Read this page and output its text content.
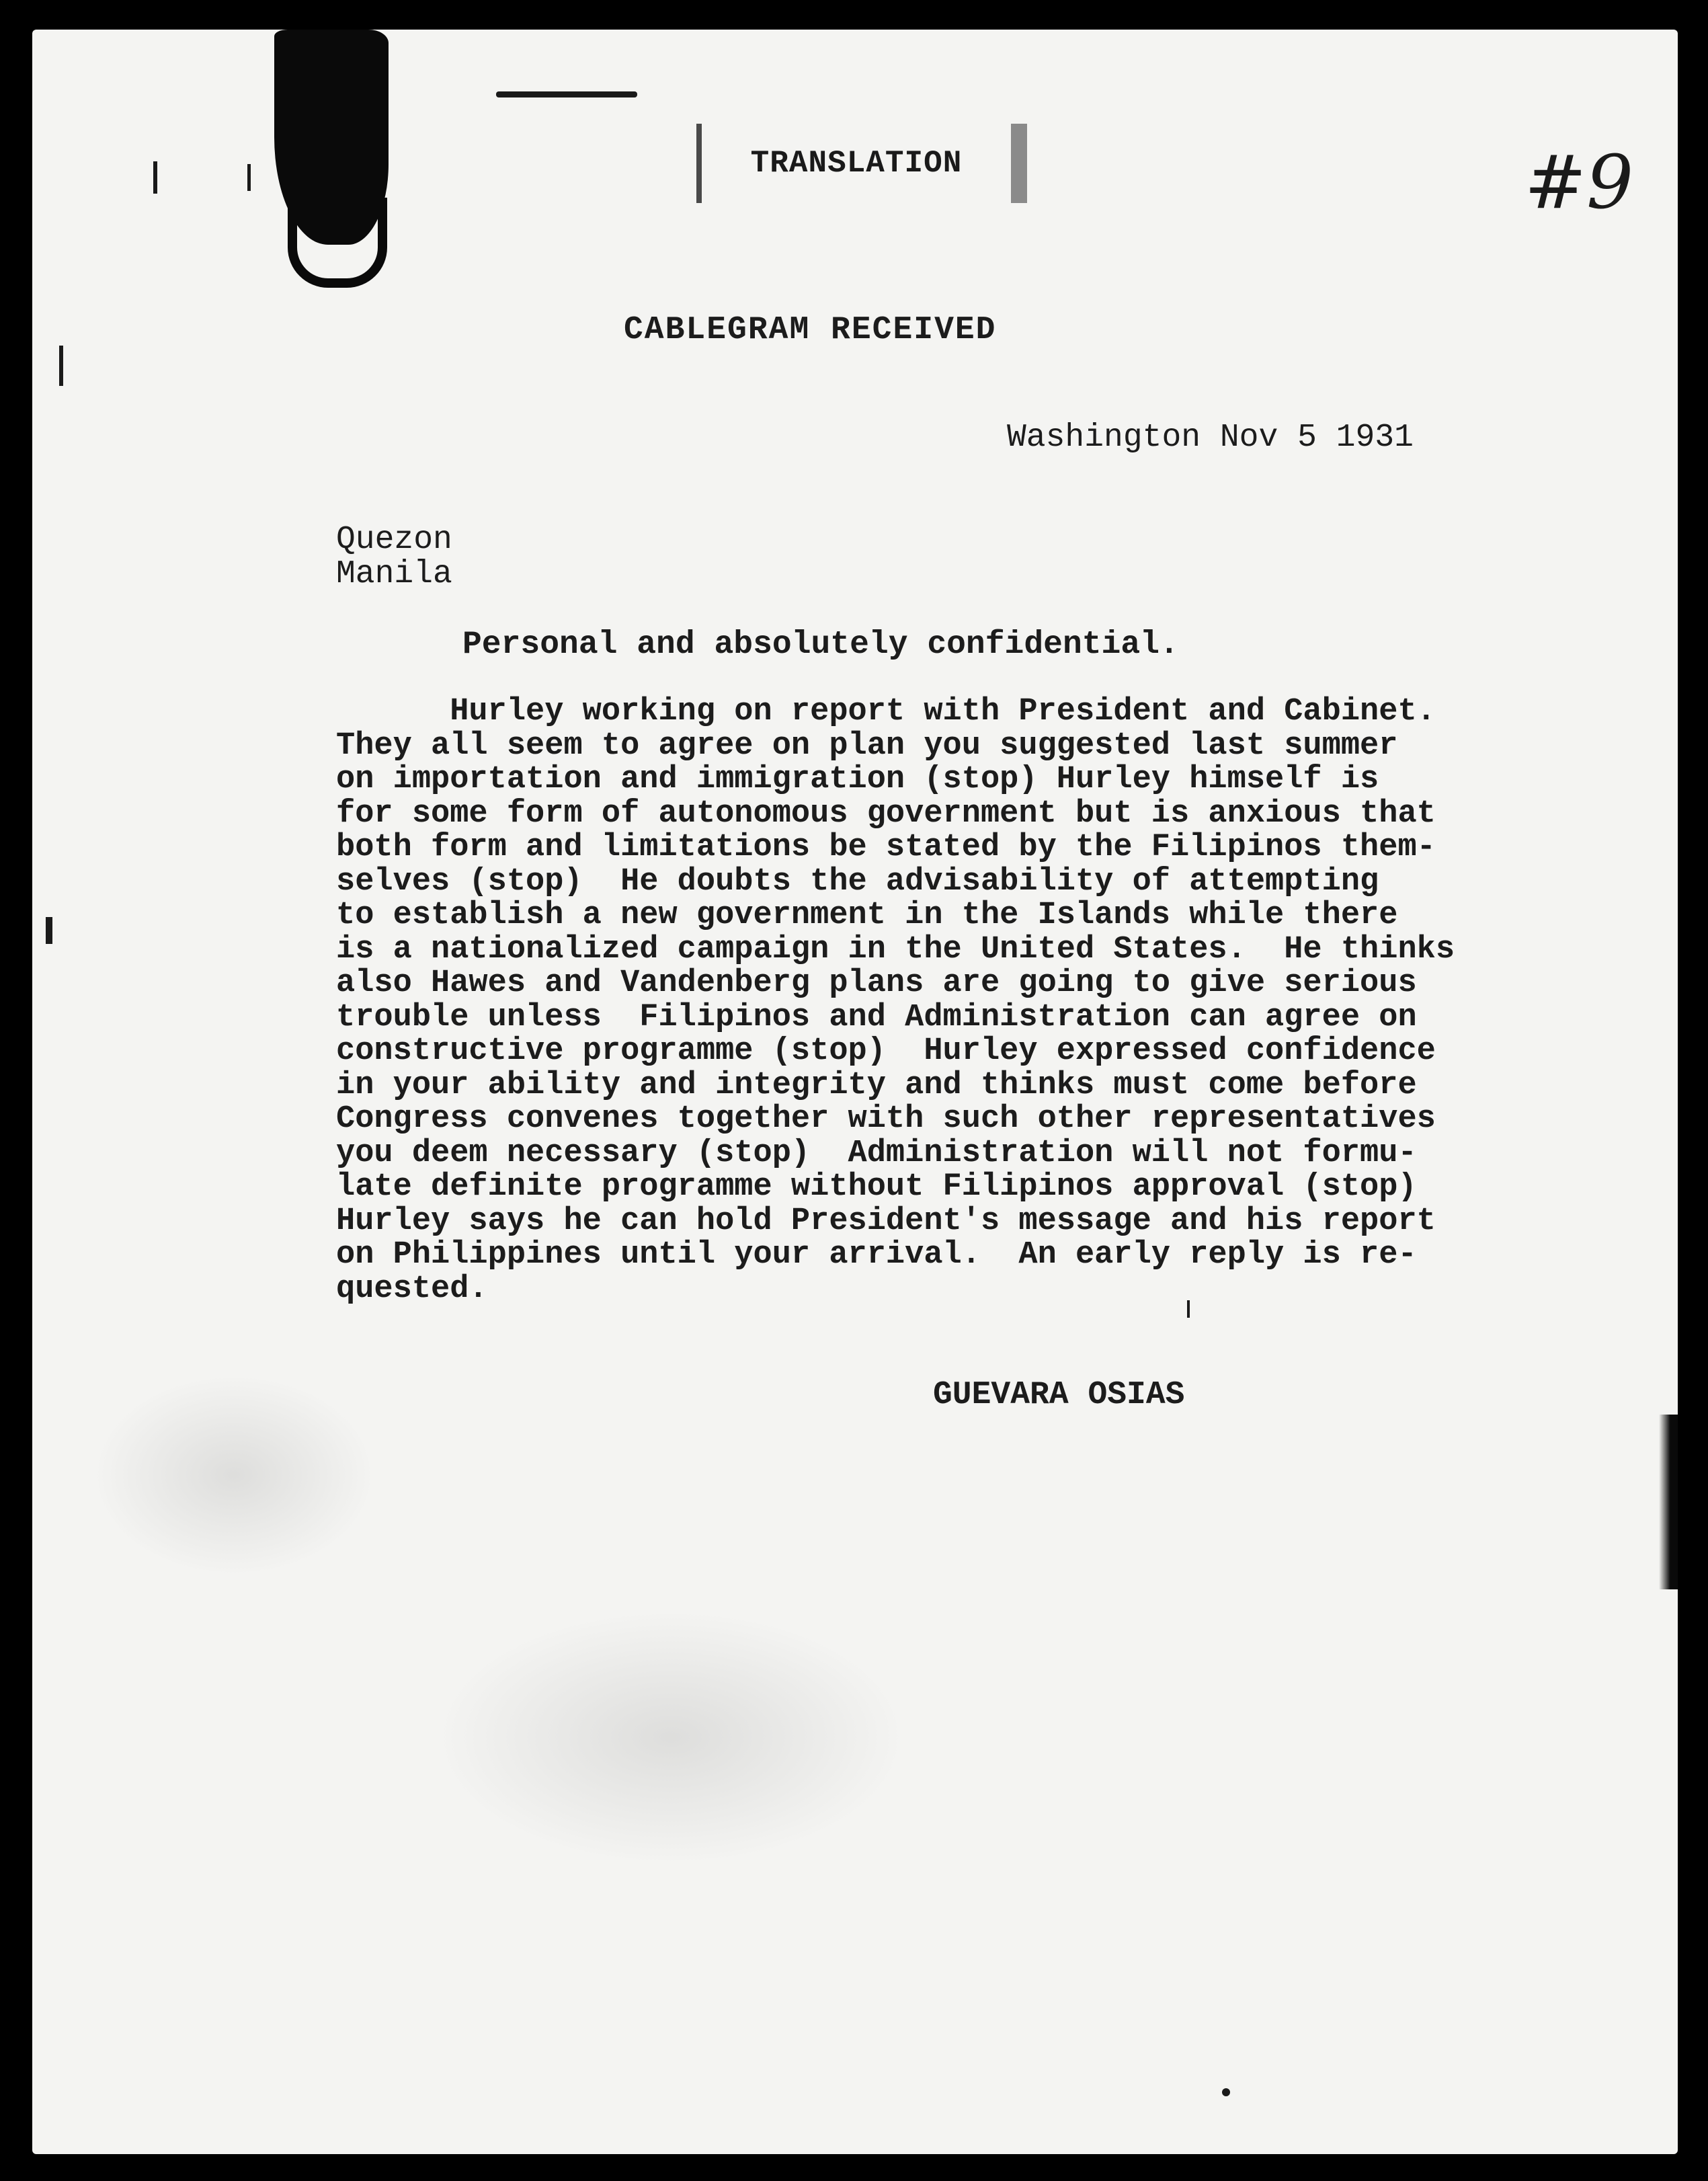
TRANSLATION	#9
CABLEGRAM RECEIVED
Washington Nov 5 1931
Quezon
Manila
Personal and absolutely confidential.
Hurley working on report with President and Cabinet.
They all seem to agree on plan you suggested last summer
on importation and immigration (stop) Hurley himself is
for some form of autonomous government but is anxious that
both form and limitations be stated by the Filipinos them-
selves (stop)  He doubts the advisability of attempting
to establish a new government in the Islands while there
is a nationalized campaign in the United States.  He thinks
also Hawes and Vandenberg plans are going to give serious
trouble unless  Filipinos and Administration can agree on
constructive programme (stop)  Hurley expressed confidence
in your ability and integrity and thinks must come before
Congress convenes together with such other representatives
you deem necessary (stop)  Administration will not formu-
late definite programme without Filipinos approval (stop)
Hurley says he can hold President's message and his report
on Philippines until your arrival.  An early reply is re-
quested.
GUEVARA OSIAS
